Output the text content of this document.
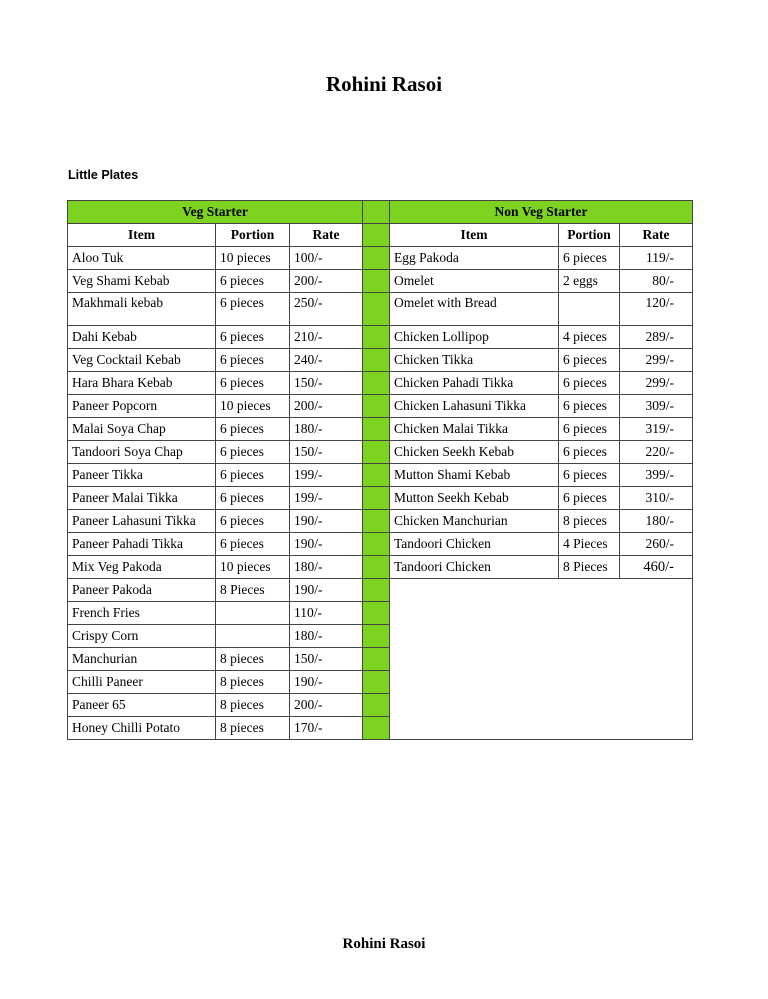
Rohini Rasoi
Little Plates
Veg Starter				Non Veg Starter		
Item	Portion	Rate		Item	Portion	Rate
Aloo Tuk	10 pieces	100/-		Egg Pakoda	6 pieces	119/-
Veg Shami Kebab	6 pieces	200/-		Omelet	2 eggs	80/-
Makhmali kebab	6 pieces	250/-		Omelet with Bread		120/-
Dahi Kebab	6 pieces	210/-		Chicken Lollipop	4 pieces	289/-
Veg Cocktail Kebab	6 pieces	240/-		Chicken Tikka	6 pieces	299/-
Hara Bhara Kebab	6 pieces	150/-		Chicken Pahadi Tikka	6 pieces	299/-
Paneer Popcorn	10 pieces	200/-		Chicken Lahasuni Tikka	6 pieces	309/-
Malai Soya Chap	6 pieces	180/-		Chicken Malai Tikka	6 pieces	319/-
Tandoori Soya Chap	6 pieces	150/-		Chicken Seekh Kebab	6 pieces	220/-
Paneer Tikka	6 pieces	199/-		Mutton Shami Kebab	6 pieces	399/-
Paneer Malai Tikka	6 pieces	199/-		Mutton Seekh Kebab	6 pieces	310/-
Paneer Lahasuni Tikka	6 pieces	190/-		Chicken Manchurian	8 pieces	180/-
Paneer Pahadi Tikka	6 pieces	190/-		Tandoori Chicken	4 Pieces	260/-
Mix Veg Pakoda	10 pieces	180/-		Tandoori Chicken	8 Pieces	460/-
Paneer Pakoda	8 Pieces	190/-				
French Fries		110/-				
Crispy Corn		180/-				
Manchurian	8 pieces	150/-				
Chilli Paneer	8 pieces	190/-				
Paneer 65	8 pieces	200/-				
Honey Chilli Potato	8 pieces	170/-				
Rohini Rasoi
